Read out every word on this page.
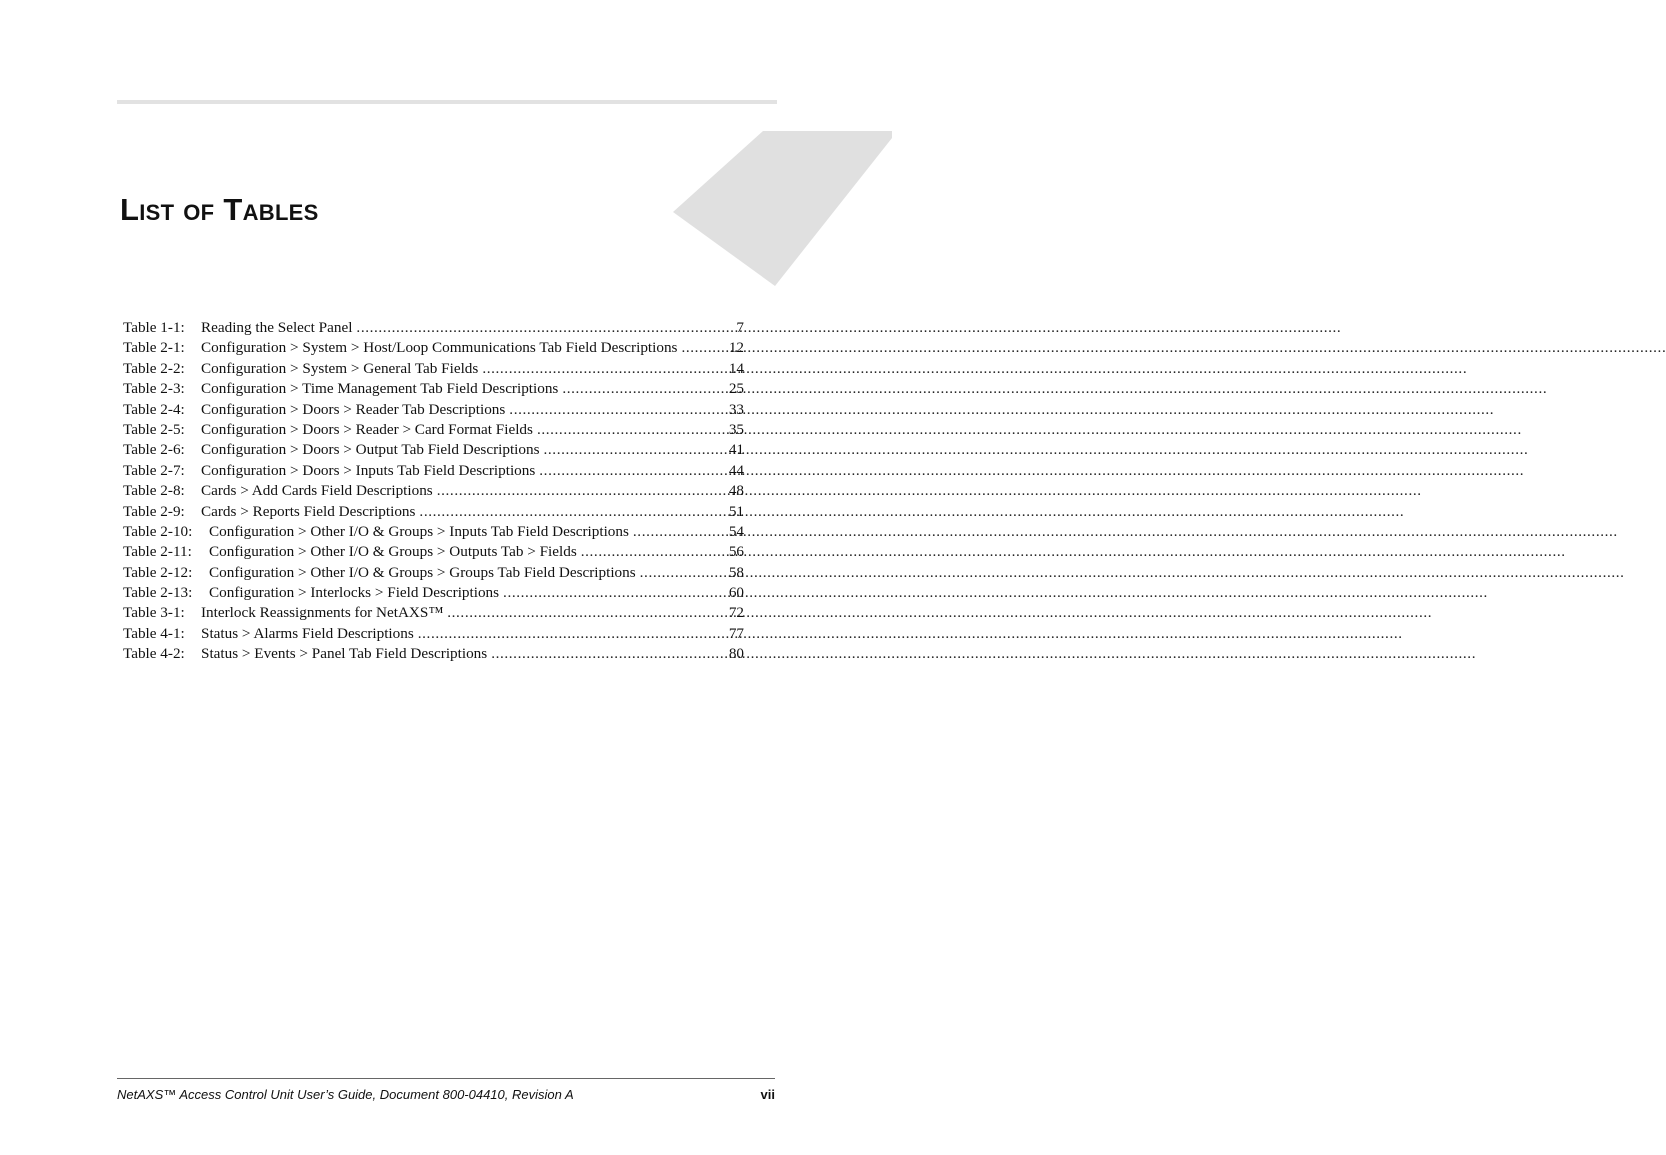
List of Tables
Table 1-1:	Reading the Select Panel .....	7
Table 2-1:	Configuration > System > Host/Loop Communications Tab Field Descriptions .....	12
Table 2-2:	Configuration > System > General Tab Fields .....	14
Table 2-3:	Configuration > Time Management Tab Field Descriptions .....	25
Table 2-4:	Configuration > Doors > Reader Tab Descriptions .....	33
Table 2-5:	Configuration > Doors > Reader > Card Format Fields .....	35
Table 2-6:	Configuration > Doors > Output Tab Field Descriptions .....	41
Table 2-7:	Configuration > Doors > Inputs Tab Field Descriptions .....	44
Table 2-8:	Cards > Add Cards Field Descriptions .....	48
Table 2-9:	Cards > Reports Field Descriptions .....	51
Table 2-10:	Configuration > Other I/O & Groups > Inputs Tab Field Descriptions .....	54
Table 2-11:	Configuration > Other I/O & Groups > Outputs Tab > Fields .....	56
Table 2-12:	Configuration > Other I/O & Groups > Groups Tab Field Descriptions .....	58
Table 2-13:	Configuration > Interlocks > Field Descriptions .....	60
Table 3-1:	Interlock Reassignments for NetAXS™ .....	72
Table 4-1:	Status > Alarms Field Descriptions .....	77
Table 4-2:	Status > Events > Panel Tab Field Descriptions .....	80
NetAXS™ Access Control Unit User’s Guide, Document 800-04410, Revision A	vii
